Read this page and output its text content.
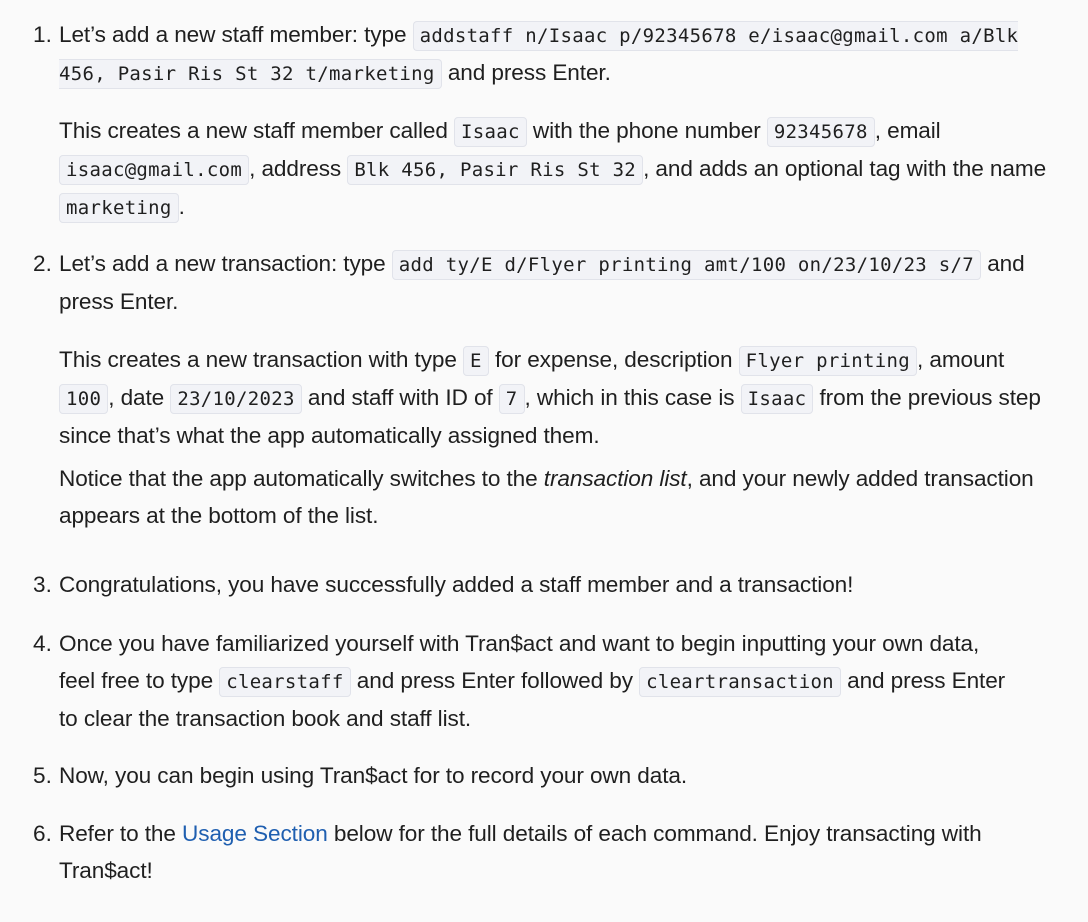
1. Let’s add a new staff member: type addstaff n/Isaac p/92345678 e/isaac@gmail.com a/Blk 456, Pasir Ris St 32 t/marketing and press Enter.

This creates a new staff member called Isaac with the phone number 92345678 , email isaac@gmail.com , address Blk 456, Pasir Ris St 32 , and adds an optional tag with the name marketing .

2. Let’s add a new transaction: type add ty/E d/Flyer printing amt/100 on/23/10/23 s/7 and press Enter.

This creates a new transaction with type E for expense, description Flyer printing , amount 100 , date 23/10/2023 and staff with ID of 7 , which in this case is Isaac from the previous step since that’s what the app automatically assigned them.

Notice that the app automatically switches to the transaction list, and your newly added transaction appears at the bottom of the list.

3. Congratulations, you have successfully added a staff member and a transaction!

4. Once you have familiarized yourself with Tran$act and want to begin inputting your own data, feel free to type clearstaff and press Enter followed by cleartransaction and press Enter to clear the transaction book and staff list.

5. Now, you can begin using Tran$act for to record your own data.

6. Refer to the Usage Section below for the full details of each command. Enjoy transacting with Tran$act!
